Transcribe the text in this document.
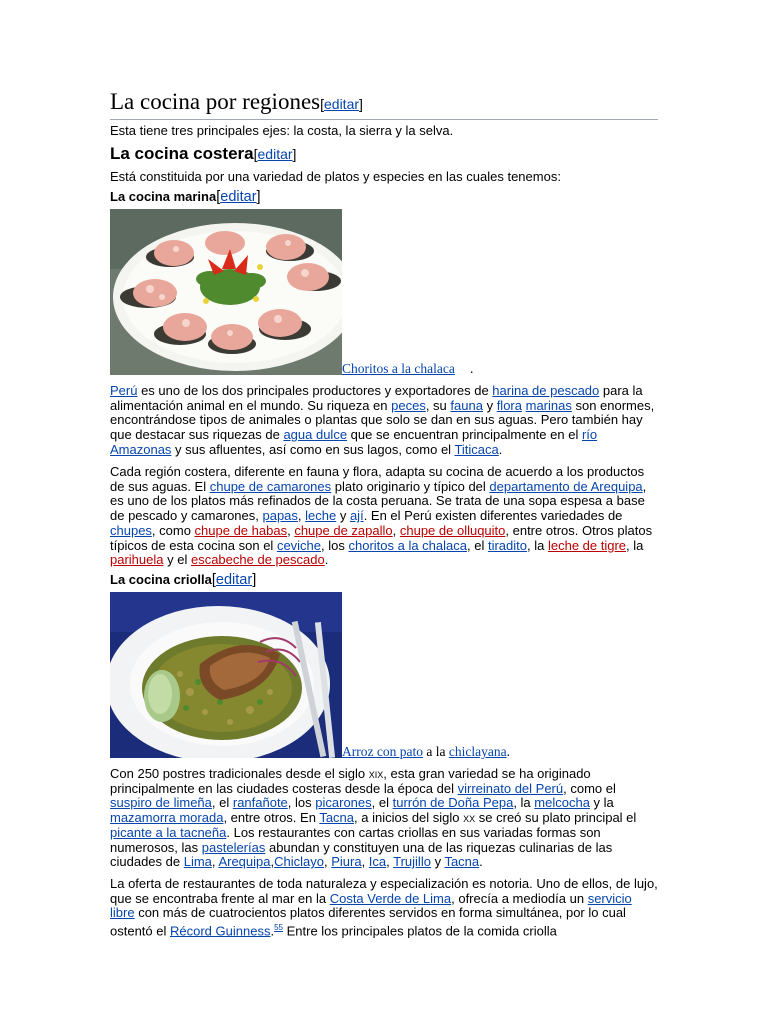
La cocina por regiones[editar]

Esta tiene tres principales ejes: la costa, la sierra y la selva.

La cocina costera[editar]

Está constituida por una variedad de platos y especies en las cuales tenemos:

La cocina marina[editar]
Choritos a la chalaca .

Perú es uno de los dos principales productores y exportadores de harina de pescado para la alimentación animal en el mundo. Su riqueza en peces, su fauna y flora marinas son enormes, encontrándose tipos de animales o plantas que solo se dan en sus aguas. Pero también hay que destacar sus riquezas de agua dulce que se encuentran principalmente en el río Amazonas y sus afluentes, así como en sus lagos, como el Titicaca.

Cada región costera, diferente en fauna y flora, adapta su cocina de acuerdo a los productos de sus aguas. El chupe de camarones plato originario y típico del departamento de Arequipa, es uno de los platos más refinados de la costa peruana. Se trata de una sopa espesa a base de pescado y camarones, papas, leche y ají. En el Perú existen diferentes variedades de chupes, como chupe de habas, chupe de zapallo, chupe de olluquito, entre otros. Otros platos típicos de esta cocina son el ceviche, los choritos a la chalaca, el tiradito, la leche de tigre, la parihuela y el escabeche de pescado.

La cocina criolla[editar]
Arroz con pato a la chiclayana.

Con 250 postres tradicionales desde el siglo xix, esta gran variedad se ha originado principalmente en las ciudades costeras desde la época del virreinato del Perú, como el suspiro de limeña, el ranfañote, los picarones, el turrón de Doña Pepa, la melcocha y la mazamorra morada, entre otros. En Tacna, a inicios del siglo xx se creó su plato principal el picante a la tacneña. Los restaurantes con cartas criollas en sus variadas formas son numerosos, las pastelerías abundan y constituyen una de las riquezas culinarias de las ciudades de Lima, Arequipa,Chiclayo, Piura, Ica, Trujillo y Tacna.

La oferta de restaurantes de toda naturaleza y especialización es notoria. Uno de ellos, de lujo, que se encontraba frente al mar en la Costa Verde de Lima, ofrecía a mediodía un servicio libre con más de cuatrocientos platos diferentes servidos en forma simultánea, por lo cual ostentó el Récord Guinness.$^{55}$ Entre los principales platos de la comida criolla
